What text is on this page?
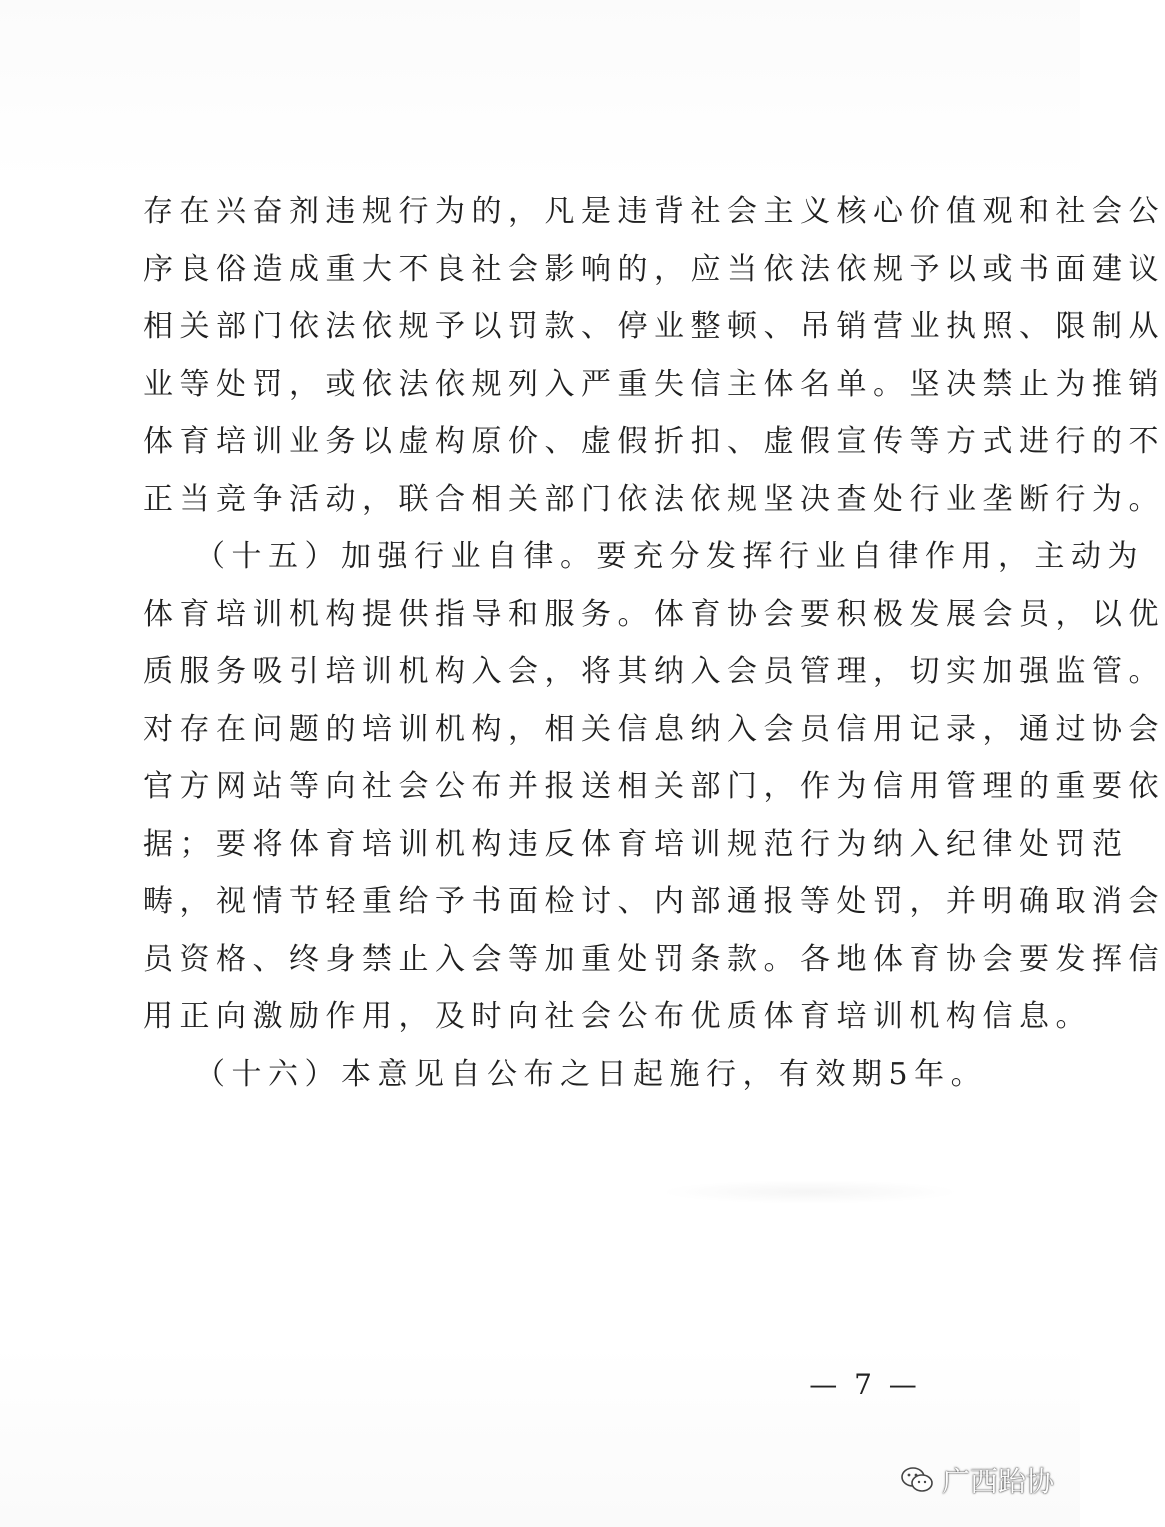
存在兴奋剂违规行为的，凡是违背社会主义核心价值观和社会公
序良俗造成重大不良社会影响的，应当依法依规予以或书面建议
相关部门依法依规予以罚款、停业整顿、吊销营业执照、限制从
业等处罚，或依法依规列入严重失信主体名单。坚决禁止为推销
体育培训业务以虚构原价、虚假折扣、虚假宣传等方式进行的不
正当竞争活动，联合相关部门依法依规坚决查处行业垄断行为。
（十五）加强行业自律。要充分发挥行业自律作用，主动为
体育培训机构提供指导和服务。体育协会要积极发展会员，以优
质服务吸引培训机构入会，将其纳入会员管理，切实加强监管。
对存在问题的培训机构，相关信息纳入会员信用记录，通过协会
官方网站等向社会公布并报送相关部门，作为信用管理的重要依
据；要将体育培训机构违反体育培训规范行为纳入纪律处罚范
畴，视情节轻重给予书面检讨、内部通报等处罚，并明确取消会
员资格、终身禁止入会等加重处罚条款。各地体育协会要发挥信
用正向激励作用，及时向社会公布优质体育培训机构信息。
（十六）本意见自公布之日起施行，有效期5年。
— 7 —
广西跆协
